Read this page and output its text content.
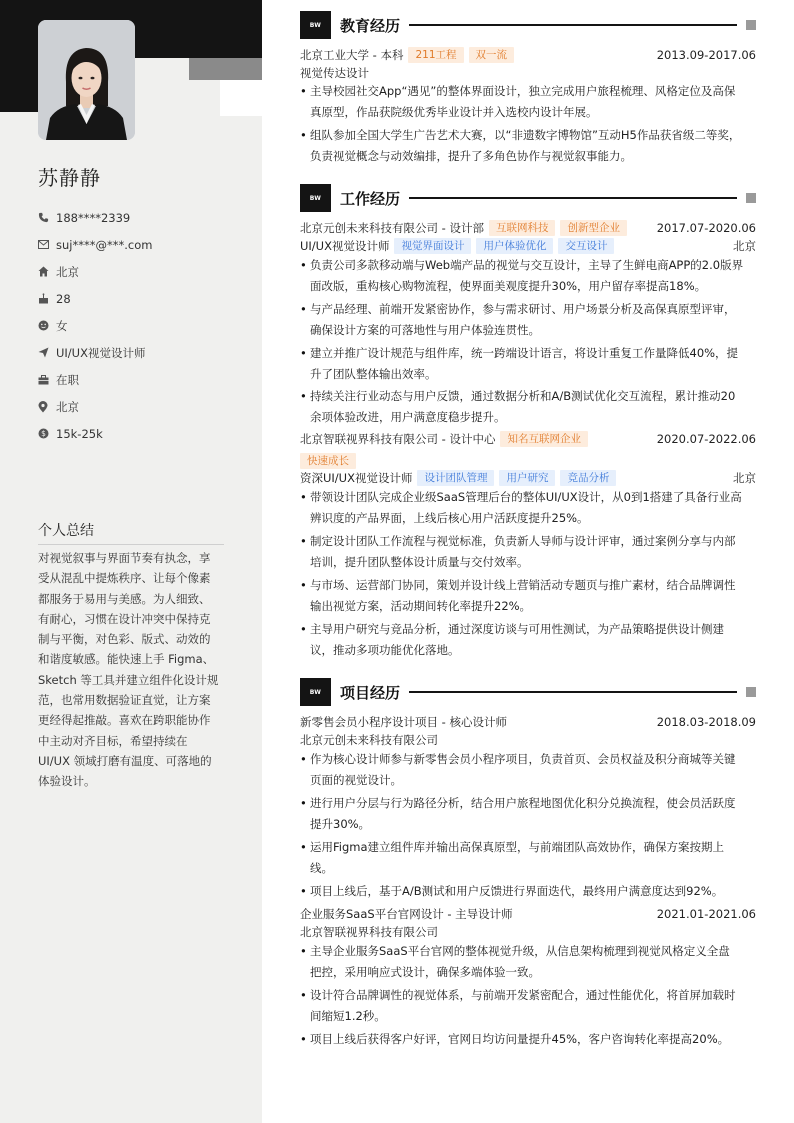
苏静静
188****2339
suj****@***.com
北京
28
女
UI/UX视觉设计师
在职
北京
$ 15k-25k
个人总结
对视觉叙事与界面节奏有执念，享
受从混乱中提炼秩序、让每个像素
都服务于易用与美感。为人细致、
有耐心，习惯在设计冲突中保持克
制与平衡，对色彩、版式、动效的
和谐度敏感。能快速上手 Figma、
Sketch 等工具并建立组件化设计规
范，也常用数据验证直觉，让方案
更经得起推敲。喜欢在跨职能协作
中主动对齐目标，希望持续在
UI/UX 领域打磨有温度、可落地的
体验设计。
BW	教育经历
北京工业大学 - 本科	211工程	双一流	2013.09-2017.06
视觉传达设计
• 主导校园社交App“遇见”的整体界面设计，独立完成用户旅程梳理、风格定位及高保
真原型，作品获院级优秀毕业设计并入选校内设计年展。
• 组队参加全国大学生广告艺术大赛，以“非遗数字博物馆”互动H5作品获省级二等奖，
负责视觉概念与动效编排，提升了多角色协作与视觉叙事能力。
BW	工作经历
北京元创未来科技有限公司 - 设计部	互联网科技	创新型企业	2017.07-2020.06
UI/UX视觉设计师	视觉界面设计	用户体验优化	交互设计	北京
• 负责公司多款移动端与Web端产品的视觉与交互设计，主导了生鲜电商APP的2.0版界
面改版，重构核心购物流程，使界面美观度提升30%，用户留存率提高18%。
• 与产品经理、前端开发紧密协作，参与需求研讨、用户场景分析及高保真原型评审，
确保设计方案的可落地性与用户体验连贯性。
• 建立并推广设计规范与组件库，统一跨端设计语言，将设计重复工作量降低40%，提
升了团队整体输出效率。
• 持续关注行业动态与用户反馈，通过数据分析和A/B测试优化交互流程，累计推动20
余项体验改进，用户满意度稳步提升。
北京智联视界科技有限公司 - 设计中心	知名互联网企业	2020.07-2022.06
快速成长
资深UI/UX视觉设计师	设计团队管理	用户研究	竞品分析	北京
• 带领设计团队完成企业级SaaS管理后台的整体UI/UX设计，从0到1搭建了具备行业高
辨识度的产品界面，上线后核心用户活跃度提升25%。
• 制定设计团队工作流程与视觉标准，负责新人导师与设计评审，通过案例分享与内部
培训，提升团队整体设计质量与交付效率。
• 与市场、运营部门协同，策划并设计线上营销活动专题页与推广素材，结合品牌调性
输出视觉方案，活动期间转化率提升22%。
• 主导用户研究与竞品分析，通过深度访谈与可用性测试，为产品策略提供设计侧建
议，推动多项功能优化落地。
BW	项目经历
新零售会员小程序设计项目 - 核心设计师	2018.03-2018.09
北京元创未来科技有限公司
• 作为核心设计师参与新零售会员小程序项目，负责首页、会员权益及积分商城等关键
页面的视觉设计。
• 进行用户分层与行为路径分析，结合用户旅程地图优化积分兑换流程，使会员活跃度
提升30%。
• 运用Figma建立组件库并输出高保真原型，与前端团队高效协作，确保方案按期上
线。
• 项目上线后，基于A/B测试和用户反馈进行界面迭代，最终用户满意度达到92%。
企业服务SaaS平台官网设计 - 主导设计师	2021.01-2021.06
北京智联视界科技有限公司
• 主导企业服务SaaS平台官网的整体视觉升级，从信息架构梳理到视觉风格定义全盘
把控，采用响应式设计，确保多端体验一致。
• 设计符合品牌调性的视觉体系，与前端开发紧密配合，通过性能优化，将首屏加载时
间缩短1.2秒。
• 项目上线后获得客户好评，官网日均访问量提升45%，客户咨询转化率提高20%。
